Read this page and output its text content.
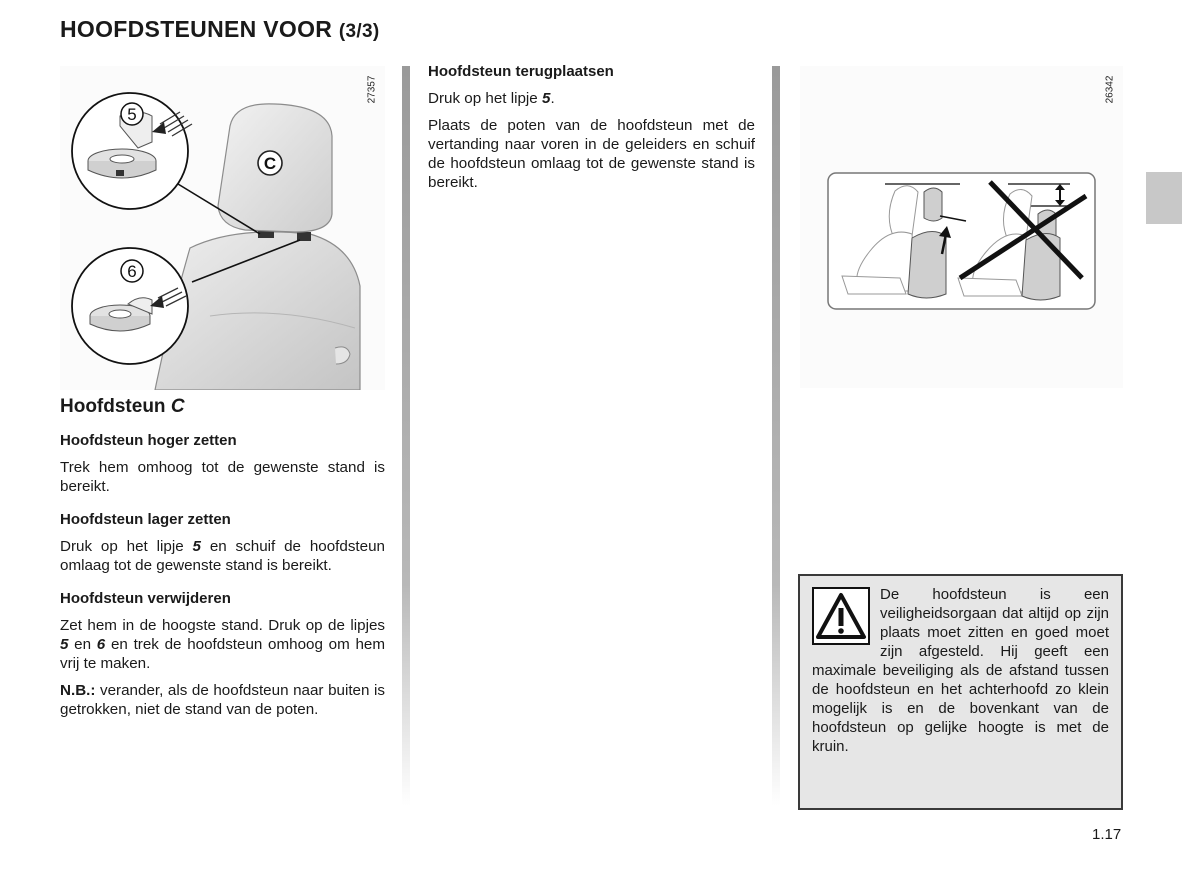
HOOFDSTEUNEN VOOR (3/3)
C
5
6
27357
Hoofdsteun C
Hoofdsteun hoger zetten

Trek hem omhoog tot de gewenste stand is bereikt.

Hoofdsteun lager zetten

Druk op het lipje 5 en schuif de hoofdsteun omlaag tot de gewenste stand is bereikt.

Hoofdsteun verwijderen

Zet hem in de hoogste stand. Druk op de lipjes 5 en 6 en trek de hoofdsteun omhoog om hem vrij te maken.

N.B.: verander, als de hoofdsteun naar buiten is getrokken, niet de stand van de poten.

Hoofdsteun terugplaatsen

Druk op het lipje 5.

Plaats de poten van de hoofdsteun met de vertanding naar voren in de geleiders en schuif de hoofdsteun omlaag tot de gewenste stand is bereikt.

26342
De hoofdsteun is een veiligheidsorgaan dat altijd op zijn plaats moet zitten en goed moet zijn afgesteld. Hij geeft een maximale beveiliging als de afstand tussen de hoofdsteun en het achterhoofd zo klein mogelijk is en de bovenkant van de hoofdsteun op gelijke hoogte is met de kruin.
1.17
